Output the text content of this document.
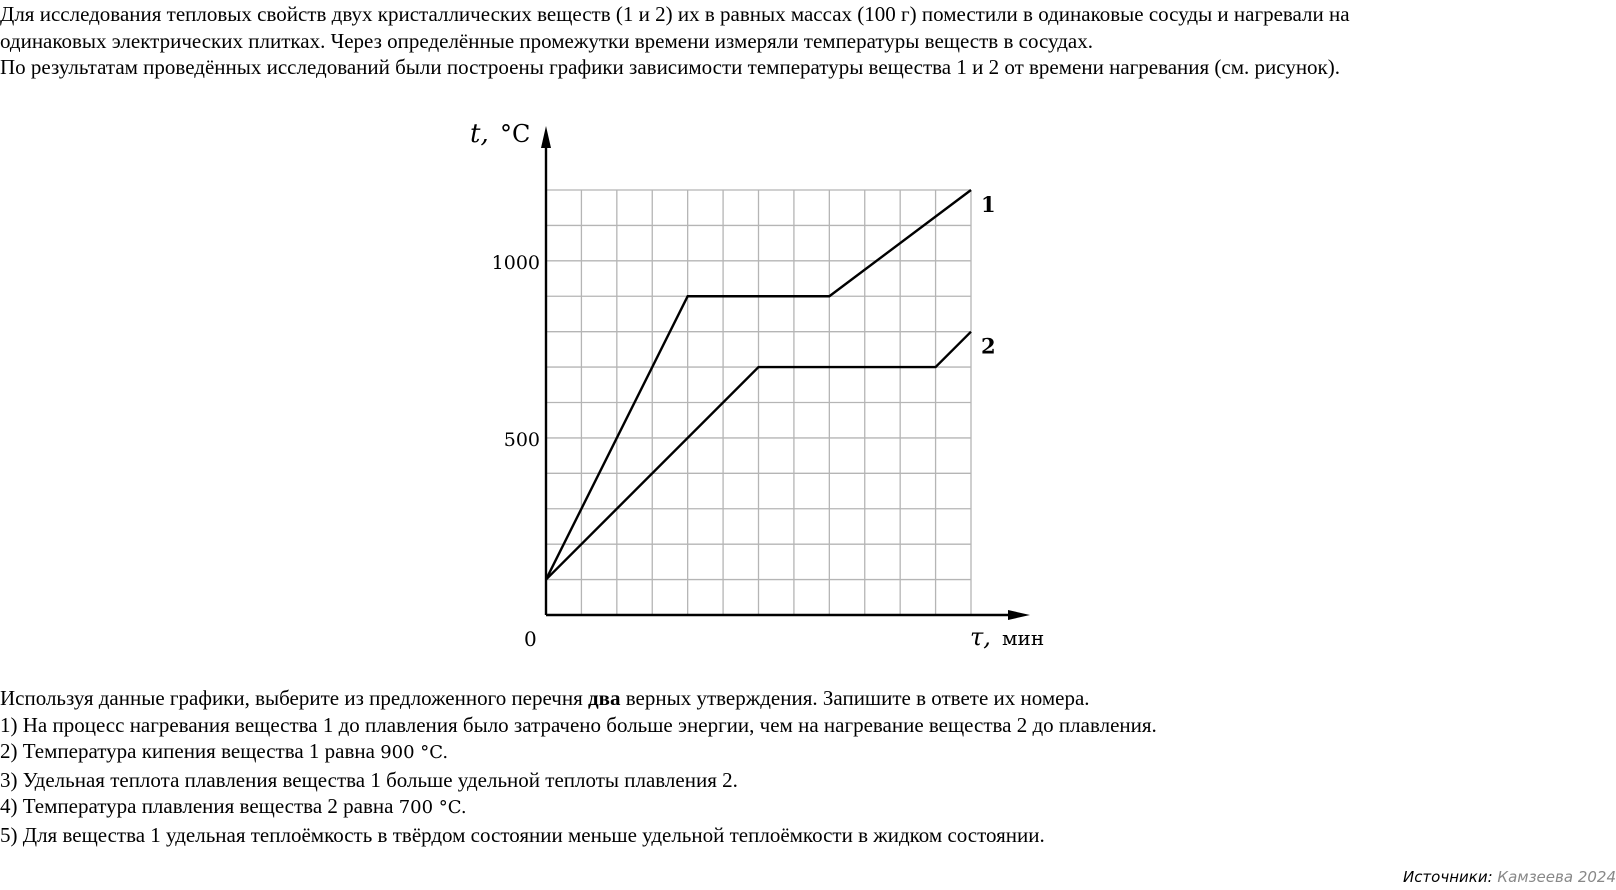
Для исследования тепловых свойств двух кристаллических веществ (1 и 2) их в равных массах (100 г) поместили в одинаковые сосуды и нагревали на
одинаковых электрических плитках. Через определённые промежутки времени измеряли температуры веществ в сосудах.
По результатам проведённых исследований были построены графики зависимости температуры вещества 1 и 2 от времени нагревания (см. рисунок).
t, °C
τ, мин
0
500
1000
1
2
Используя данные графики, выберите из предложенного перечня два верных утверждения. Запишите в ответе их номера.
1) На процесс нагревания вещества 1 до плавления было затрачено больше энергии, чем на нагревание вещества 2 до плавления.
2) Температура кипения вещества 1 равна 900 °C.
3) Удельная теплота плавления вещества 1 больше удельной теплоты плавления 2.
4) Температура плавления вещества 2 равна 700 °C.
5) Для вещества 1 удельная теплоёмкость в твёрдом состоянии меньше удельной теплоёмкости в жидком состоянии.
Источники: Камзеева 2024
